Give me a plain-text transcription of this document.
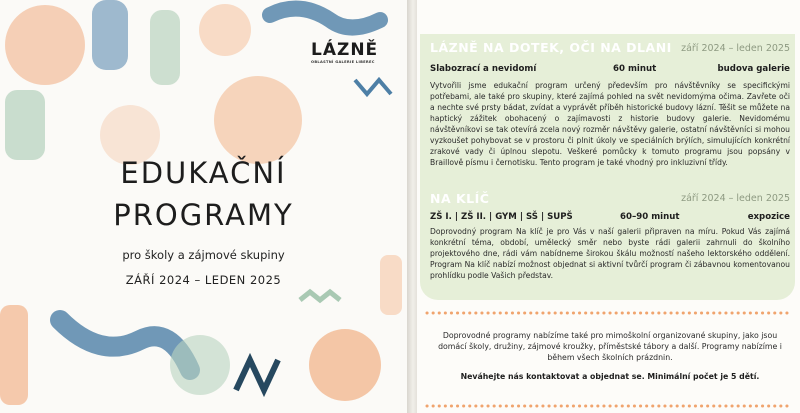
LÁZNĚ
OBLASTNÍ GALERIE LIBEREC
EDUKAČNÍ
PROGRAMY
pro školy a zájmové skupiny
ZÁŘÍ 2024 – LEDEN 2025
LÁZNĚ NA DOTEK, OČI NA DLANI září 2024 – leden 2025
Slabozrací a nevidomí	60 minut	budova galerie
Vytvořili jsme edukační program určený především pro návštěvníky se specifickými potřebami, ale také pro skupiny, které zajímá pohled na svět nevidomýma očima. Zavřete oči a nechte své prsty bádat, zvídat a vyprávět příběh historické budovy lázní. Těšit se můžete na haptický zážitek obohacený o zajímavosti z historie budovy galerie. Nevidomému návštěvníkovi se tak otevírá zcela nový rozměr návštěvy galerie, ostatní návštěvníci si mohou vyzkoušet pohybovat se v prostoru či plnit úkoly ve speciálních brýlích, simulujících konkrétní zrakové vady či úplnou slepotu. Veškeré pomůcky k tomuto programu jsou popsány v Braillově písmu i černotisku. Tento program je také vhodný pro inkluzivní třídy.
NA KLÍČ	září 2024 – leden 2025
ZŠ I. | ZŠ II. | GYM | SŠ | SUPŠ	60–90 minut	expozice
Doprovodný program Na klíč je pro Vás v naší galerii připraven na míru. Pokud Vás zajímá konkrétní téma, období, umělecký směr nebo byste rádi galerii zahrnuli do školního projektového dne, rádi vám nabídneme širokou škálu možností našeho lektorského oddělení. Program Na klíč nabízí možnost objednat si aktivní tvůrčí program či zábavnou komentovanou prohlídku podle Vašich představ.
Doprovodné programy nabízíme také pro mimoškolní organizované skupiny, jako jsou domácí školy, družiny, zájmové kroužky, příměstské tábory a další. Programy nabízíme i během všech školních prázdnin.
Neváhejte nás kontaktovat a objednat se. Minimální počet je 5 dětí.
